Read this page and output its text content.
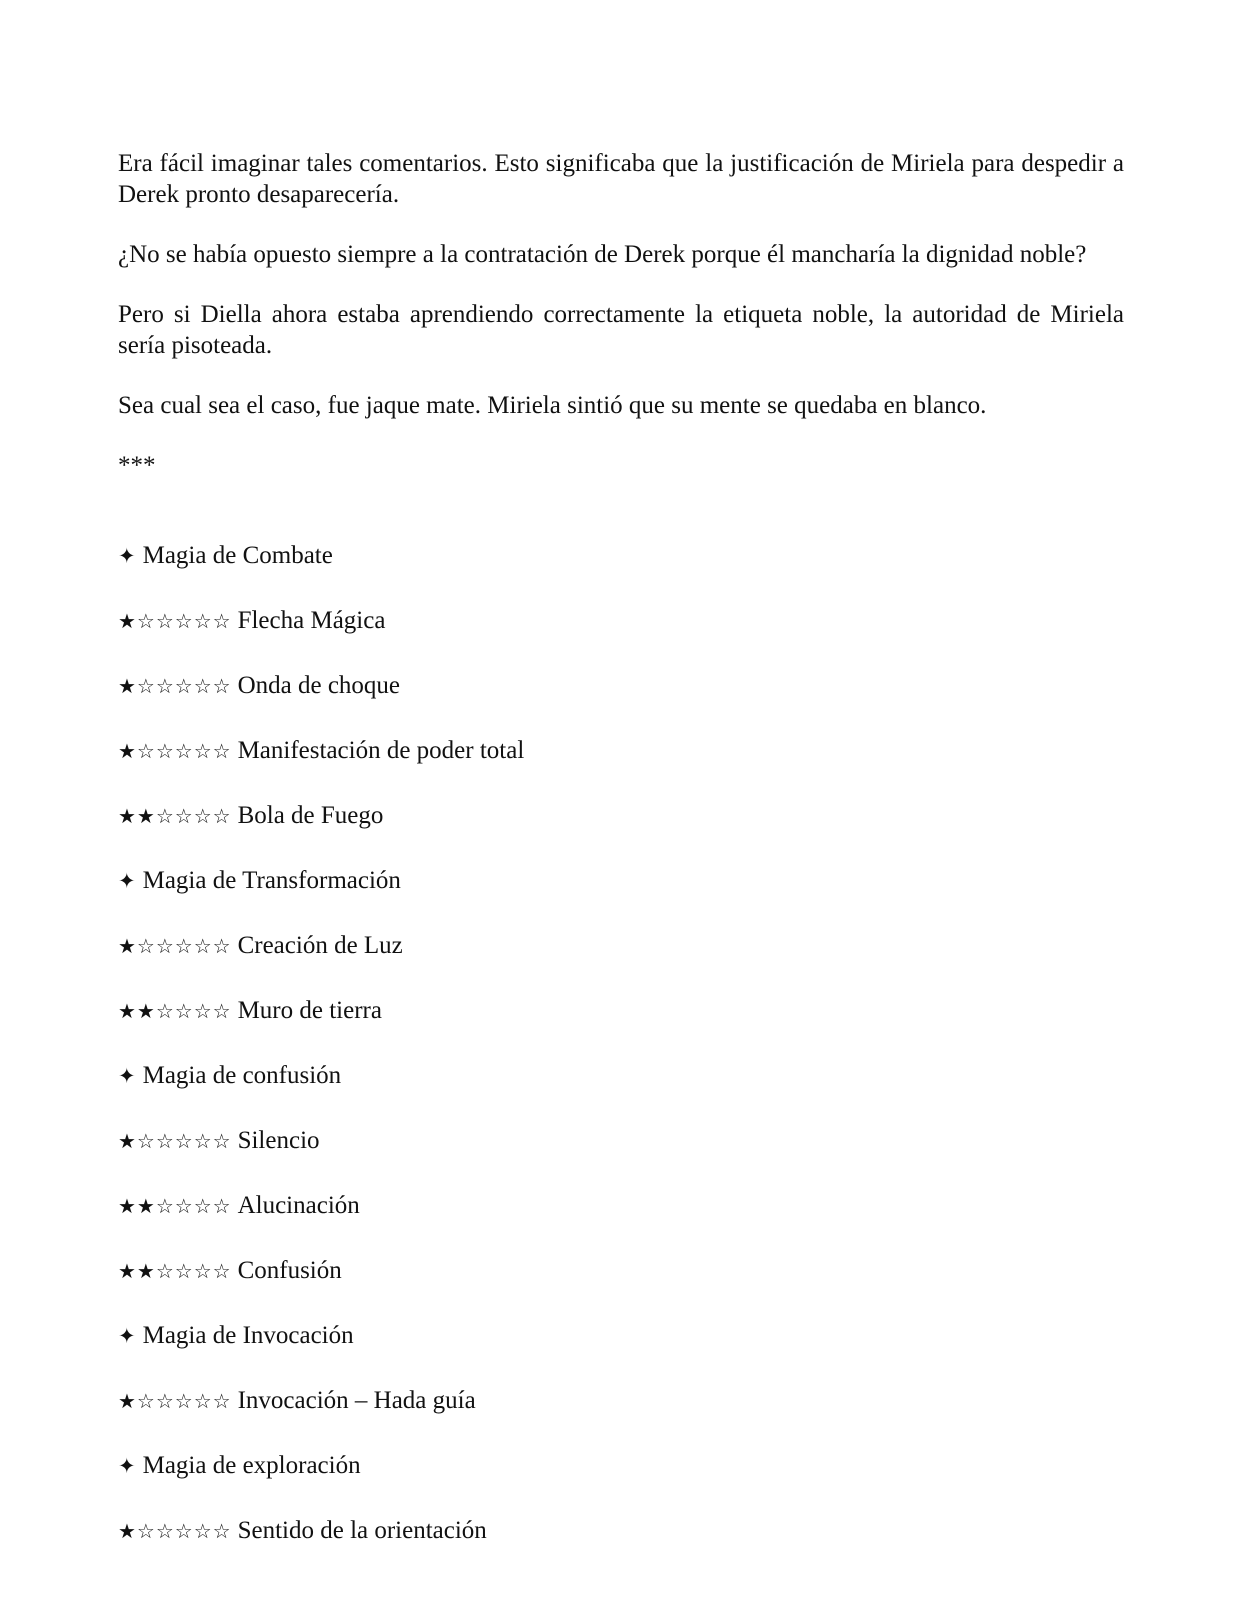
Era fácil imaginar tales comentarios. Esto significaba que la justificación de Miriela para despedir a Derek pronto desaparecería.

¿No se había opuesto siempre a la contratación de Derek porque él mancharía la dignidad noble?

Pero si Diella ahora estaba aprendiendo correctamente la etiqueta noble, la autoridad de Miriela sería pisoteada.

Sea cual sea el caso, fue jaque mate. Miriela sintió que su mente se quedaba en blanco.

***

✦ Magia de Combate
★☆☆☆☆☆ Flecha Mágica
★☆☆☆☆☆ Onda de choque
★☆☆☆☆☆ Manifestación de poder total
★★☆☆☆☆ Bola de Fuego
✦ Magia de Transformación
★☆☆☆☆☆ Creación de Luz
★★☆☆☆☆ Muro de tierra
✦ Magia de confusión
★☆☆☆☆☆ Silencio
★★☆☆☆☆ Alucinación
★★☆☆☆☆ Confusión
✦ Magia de Invocación
★☆☆☆☆☆ Invocación – Hada guía
✦ Magia de exploración
★☆☆☆☆☆ Sentido de la orientación
